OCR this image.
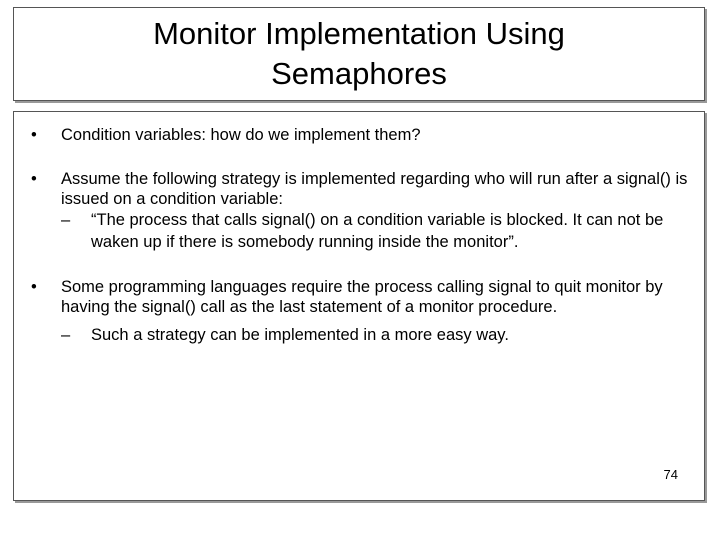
Monitor Implementation Using Semaphores
• Condition variables: how do we implement them?
• Assume the following strategy is implemented regarding who will run after a signal() is issued on a condition variable:
– “The process that calls signal() on a condition variable is blocked. It can not be waken up if there is somebody running inside the monitor”.
• Some programming languages require the process calling signal to quit monitor by having the signal() call as the last statement of a monitor procedure.
– Such a strategy can be implemented in a more easy way.
74
